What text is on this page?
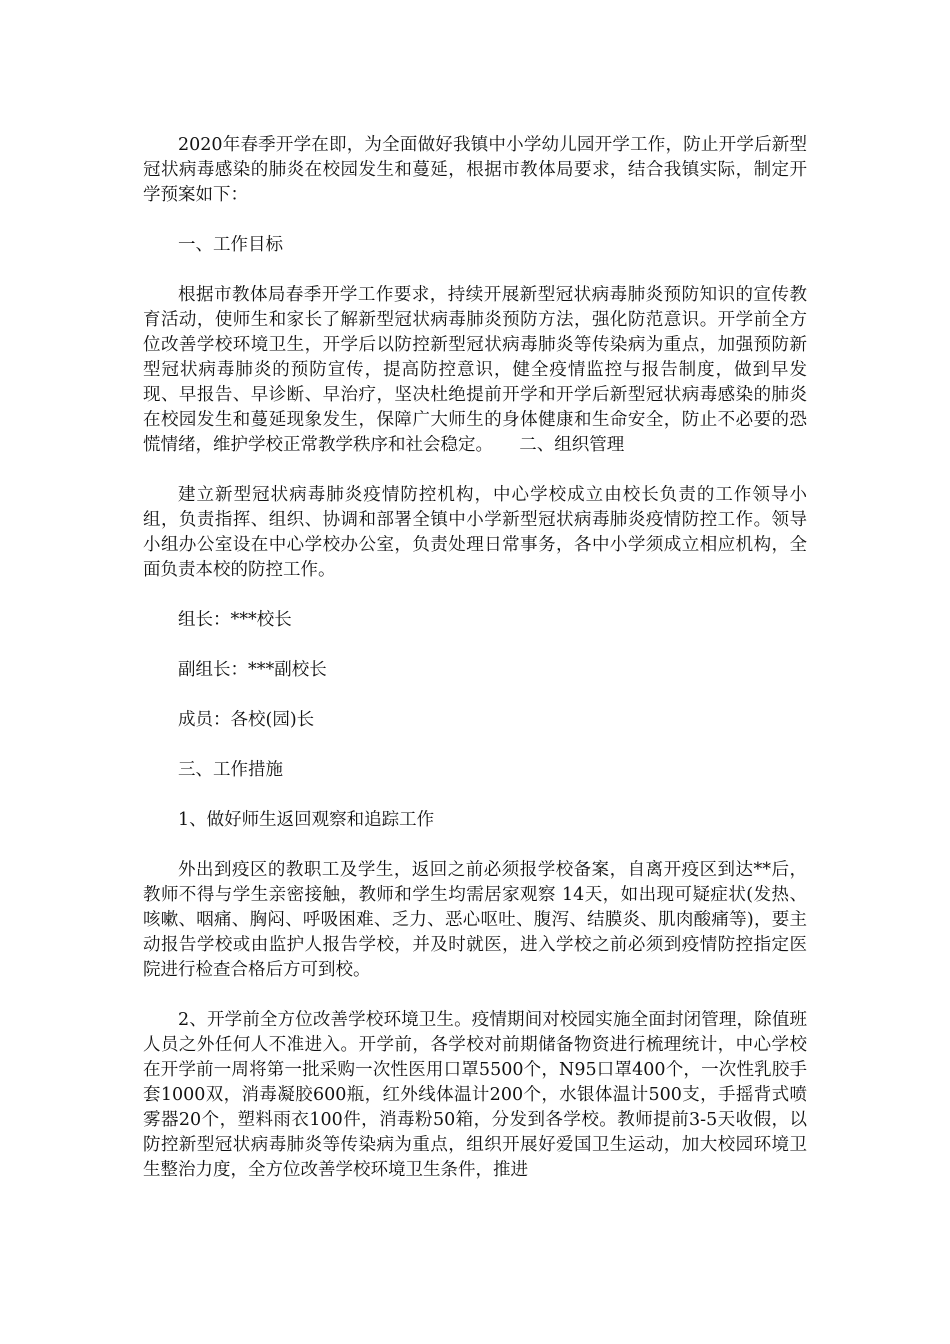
2020年春季开学在即，为全面做好我镇中小学幼儿园开学工作，防止开学后新型冠状病毒感染的肺炎在校园发生和蔓延，根据市教体局要求，结合我镇实际，制定开学预案如下：

一、工作目标

根据市教体局春季开学工作要求，持续开展新型冠状病毒肺炎预防知识的宣传教育活动，使师生和家长了解新型冠状病毒肺炎预防方法，强化防范意识。开学前全方位改善学校环境卫生，开学后以防控新型冠状病毒肺炎等传染病为重点，加强预防新型冠状病毒肺炎的预防宣传，提高防控意识，健全疫情监控与报告制度，做到早发现、早报告、早诊断、早治疗，坚决杜绝提前开学和开学后新型冠状病毒感染的肺炎在校园发生和蔓延现象发生，保障广大师生的身体健康和生命安全，防止不必要的恐慌情绪，维护学校正常教学秩序和社会稳定。　　二、组织管理

建立新型冠状病毒肺炎疫情防控机构，中心学校成立由校长负责的工作领导小组，负责指挥、组织、协调和部署全镇中小学新型冠状病毒肺炎疫情防控工作。领导小组办公室设在中心学校办公室，负责处理日常事务，各中小学须成立相应机构，全面负责本校的防控工作。

组长：***校长

副组长：***副校长

成员：各校(园)长

三、工作措施

1、做好师生返回观察和追踪工作

外出到疫区的教职工及学生，返回之前必须报学校备案，自离开疫区到达**后，教师不得与学生亲密接触，教师和学生均需居家观察 14天，如出现可疑症状(发热、咳嗽、咽痛、胸闷、呼吸困难、乏力、恶心呕吐、腹泻、结膜炎、肌肉酸痛等)，要主动报告学校或由监护人报告学校，并及时就医，进入学校之前必须到疫情防控指定医院进行检查合格后方可到校。

2、开学前全方位改善学校环境卫生。疫情期间对校园实施全面封闭管理，除值班人员之外任何人不准进入。开学前，各学校对前期储备物资进行梳理统计，中心学校在开学前一周将第一批采购一次性医用口罩5500个，N95口罩400个，一次性乳胶手套1000双，消毒凝胶600瓶，红外线体温计200个，水银体温计500支，手摇背式喷雾器20个，塑料雨衣100件，消毒粉50箱，分发到各学校。教师提前3-5天收假，以防控新型冠状病毒肺炎等传染病为重点，组织开展好爱国卫生运动，加大校园环境卫生整治力度，全方位改善学校环境卫生条件，推进
